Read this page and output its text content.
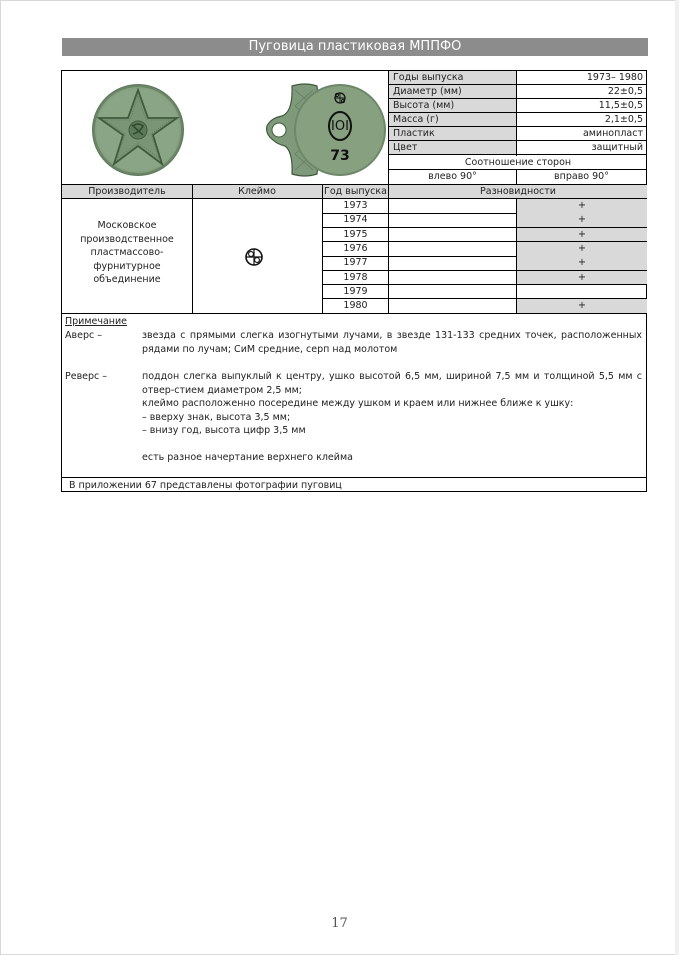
Пуговица пластиковая МППФО
IOI
73
Годы выпуска	1973– 1980
Диаметр (мм)	22±0,5
Высота (мм)	11,5±0,5
Масса (г)	2,1±0,5
Пластик	аминопласт
Цвет	защитный
Соотношение сторон
влево 90°	вправо 90°
Производитель	Клеймо	Год выпуска	Разновидности
Московское производственное пластмассово-фурнитурное объединение
1973	+
1974	+
1975	+
1976	+
1977	+
1978	+
1979
1980	+
Примечание
Аверс –	звезда с прямыми слегка изогнутыми лучами, в звезде 131-133 средних точек, расположенных рядами по лучам; СиМ средние, серп над молотом
Реверс –	поддон слегка выпуклый к центру, ушко высотой 6,5 мм, шириной 7,5 мм и толщиной 5,5 мм с отвер-стием диаметром 2,5 мм;
клеймо расположенно посередине между ушком и краем или нижнее ближе к ушку:
– вверху знак, высота 3,5 мм;
– внизу год, высота цифр 3,5 мм
есть разное начертание верхнего клейма
В приложении 67 представлены фотографии пуговиц
17
